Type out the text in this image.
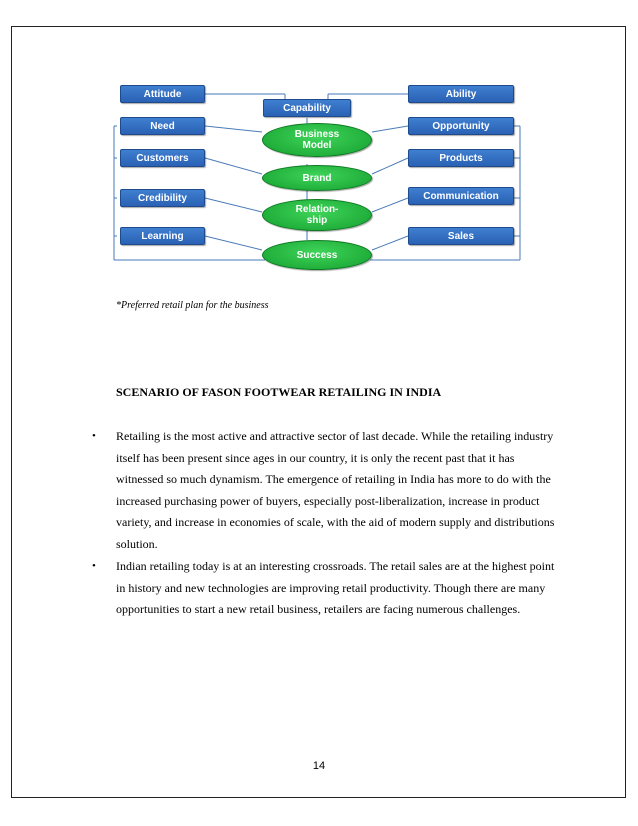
Attitude
Need
Customers
Credibility
Learning
Ability
Opportunity
Products
Communication
Sales
Capability
Business
Model
Brand
Relation-
ship
Success
*Preferred retail plan for the business
SCENARIO OF FASON FOOTWEAR RETAILING IN INDIA
• Retailing is the most active and attractive sector of last decade. While the retailing industry itself has been present since ages in our country, it is only the recent past that it has witnessed so much dynamism. The emergence of retailing in India has more to do with the increased purchasing power of buyers, especially post-liberalization, increase in product variety, and increase in economies of scale, with the aid of modern supply and distributions solution.
• Indian retailing today is at an interesting crossroads. The retail sales are at the highest point in history and new technologies are improving retail productivity. Though there are many opportunities to start a new retail business, retailers are facing numerous challenges.
14
